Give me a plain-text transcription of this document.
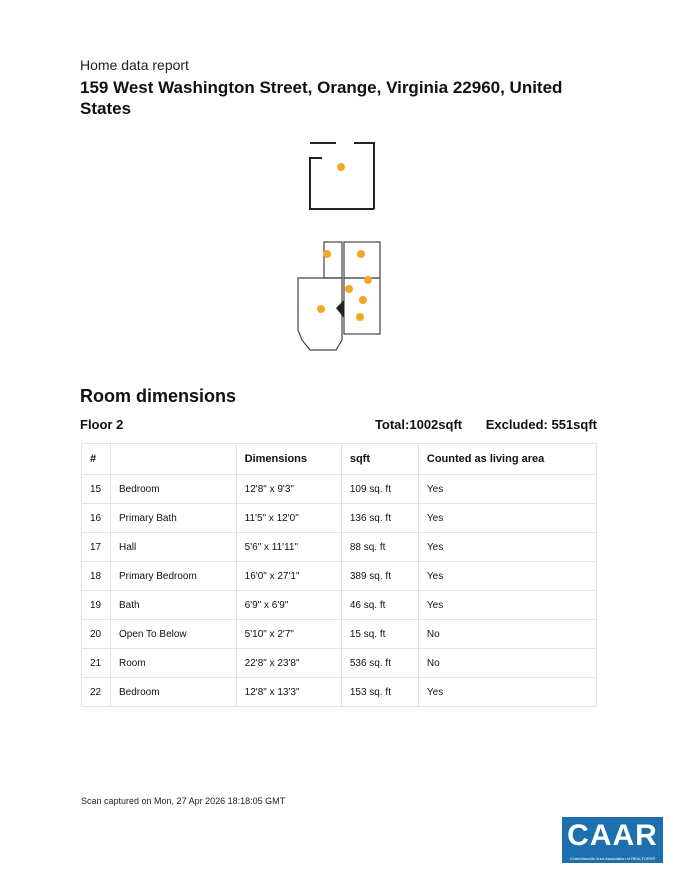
Home data report
159 West Washington Street, Orange, Virginia 22960, United States
Room dimensions
Floor 2	Total:1002sqft Excluded: 551sqft
#		Dimensions	sqft	Counted as living area
15	Bedroom	12'8" x 9'3"	109 sq. ft	Yes
16	Primary Bath	11'5" x 12'0"	136 sq. ft	Yes
17	Hall	5'6" x 11'11"	88 sq. ft	Yes
18	Primary Bedroom	16'0" x 27'1"	389 sq. ft	Yes
19	Bath	6'9" x 6'9"	46 sq. ft	Yes
20	Open To Below	5'10" x 2'7"	15 sq. ft	No
21	Room	22'8" x 23'8"	536 sq. ft	No
22	Bedroom	12'8" x 13'3"	153 sq. ft	Yes
Scan captured on Mon, 27 Apr 2026 18:18:05 GMT
CAAR
Charlottesville Area Association of REALTORS®
